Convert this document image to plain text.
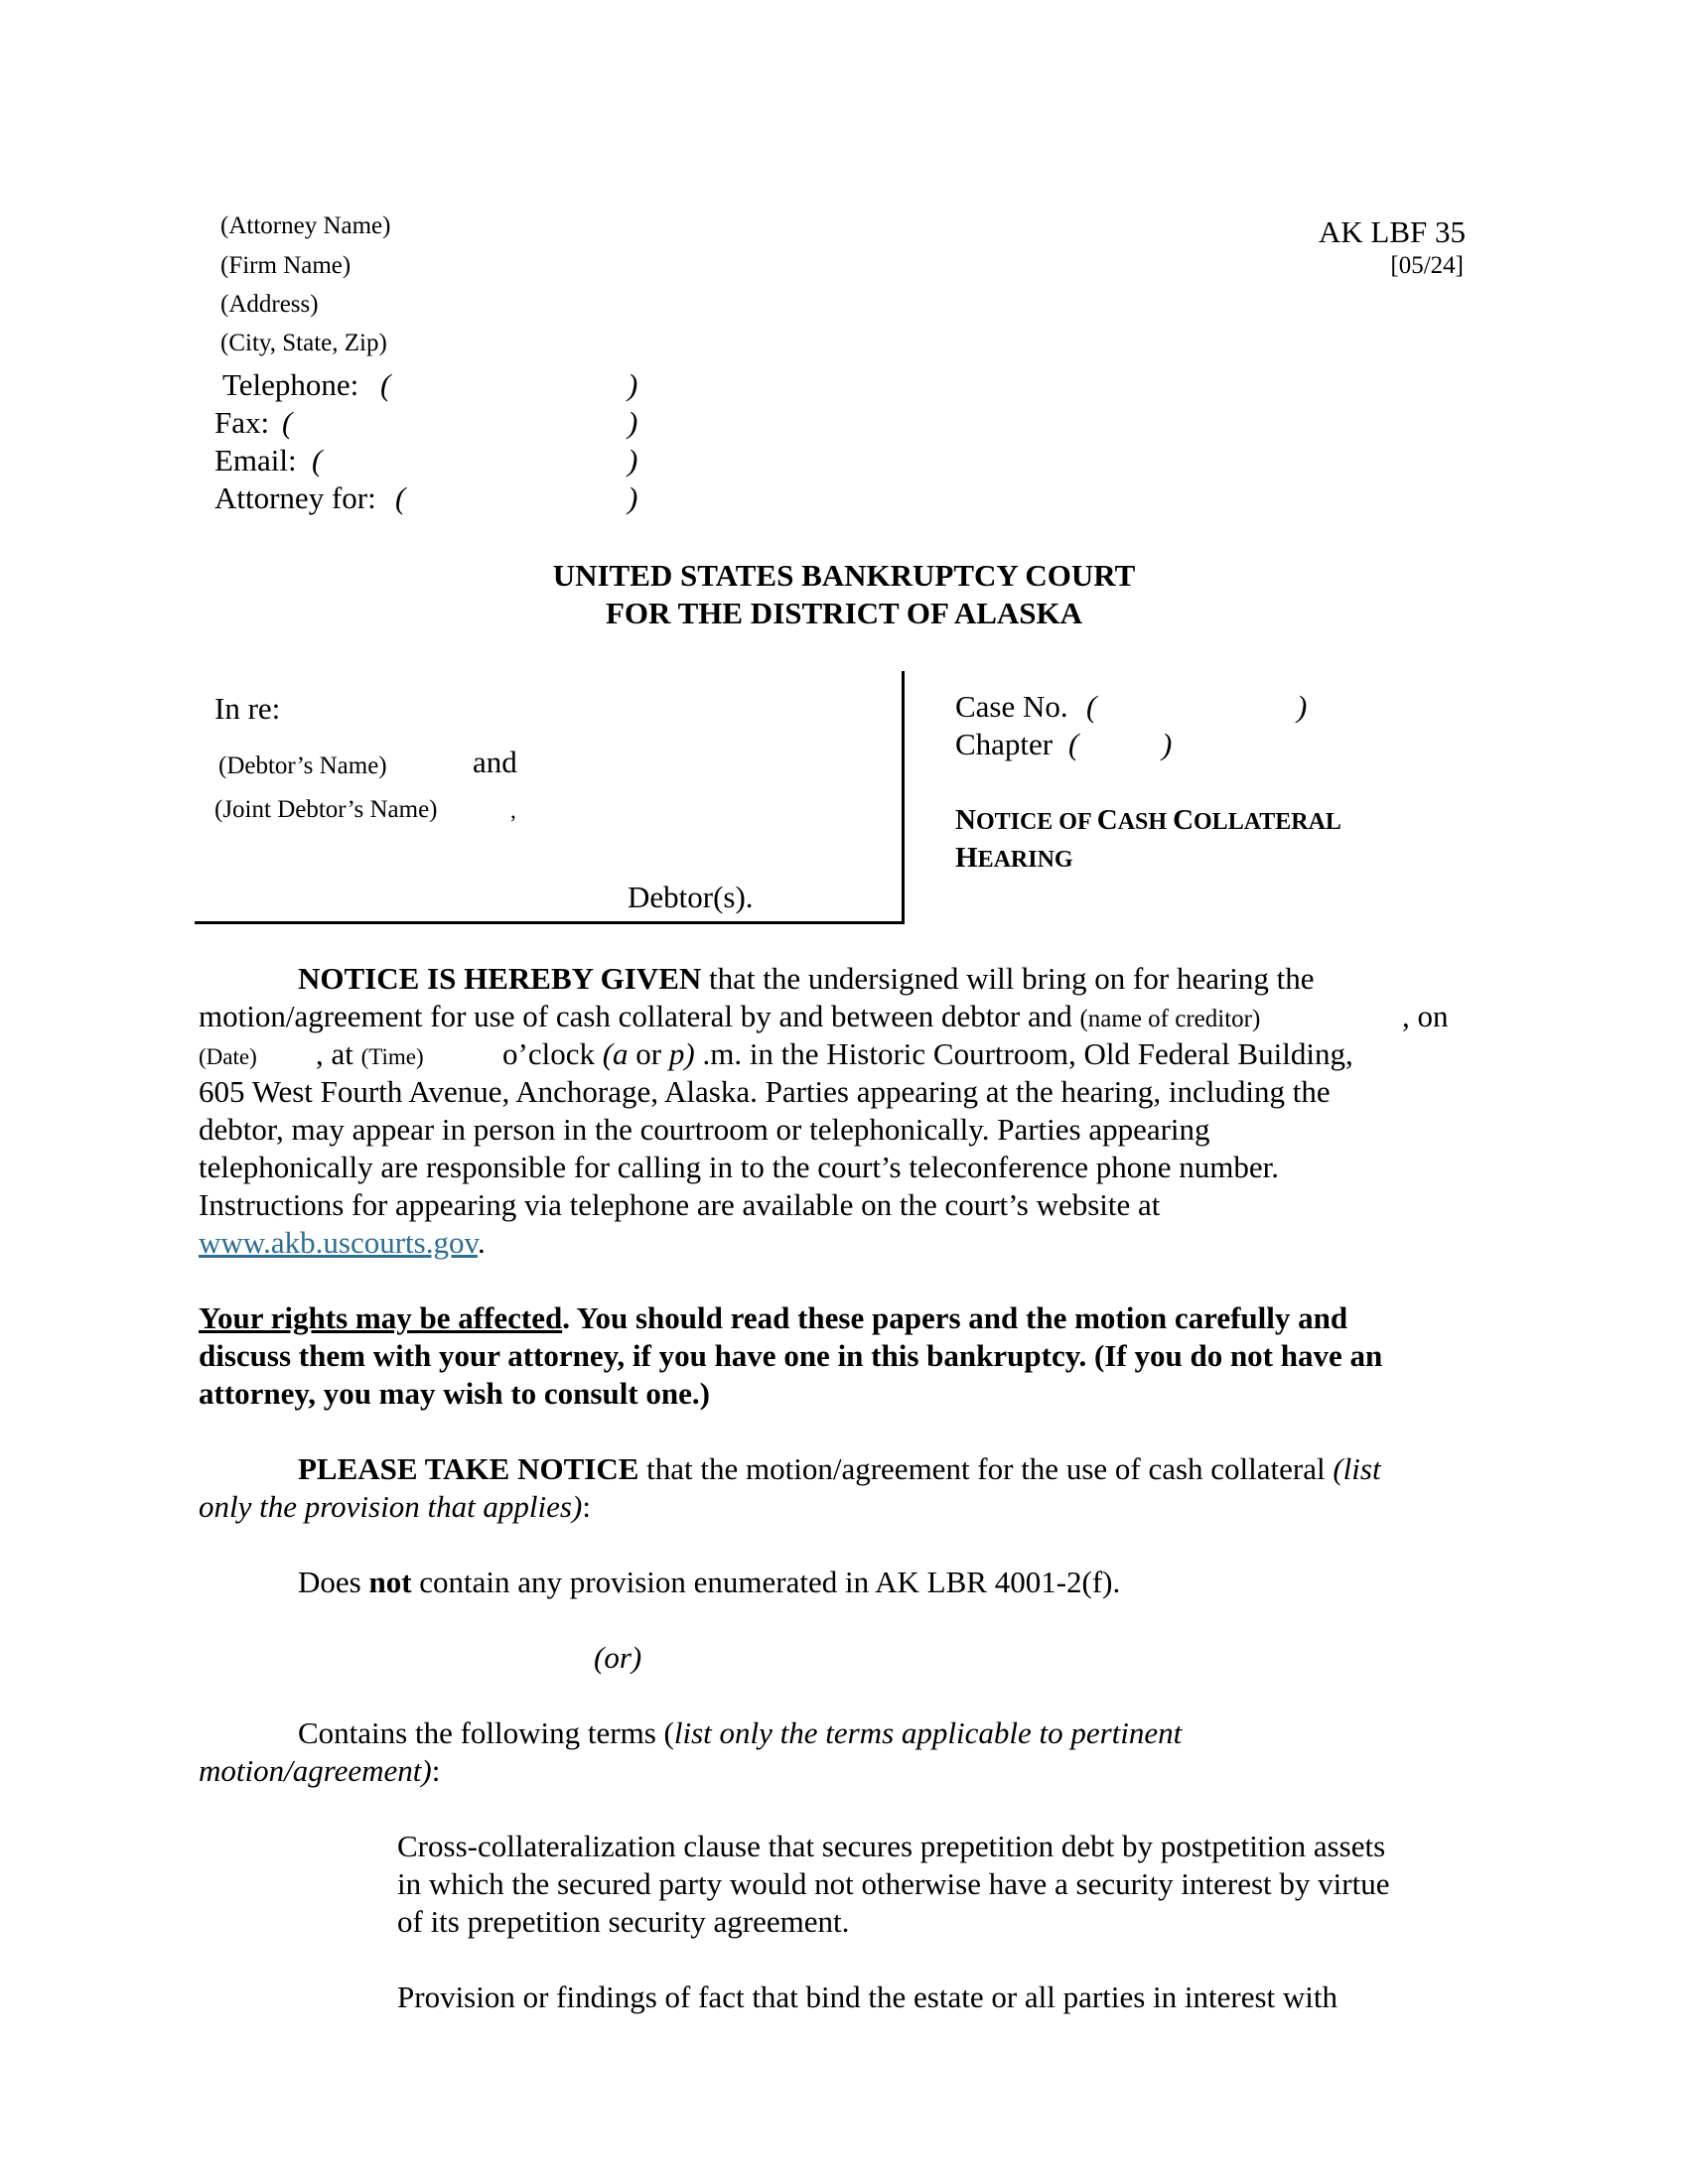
(Attorney Name)
(Firm Name)
(Address)
(City, State, Zip)
Telephone: (	)
Fax: (	)
Email: (	)
Attorney for: (	)
AK LBF 35
[05/24]
UNITED STATES BANKRUPTCY COURT
FOR THE DISTRICT OF ALASKA
In re:
(Debtor’s Name)	and
(Joint Debtor’s Name)	,
Debtor(s).
Case No. (	)
Chapter (	)
NOTICE OF CASH COLLATERAL
HEARING
NOTICE IS HEREBY GIVEN that the undersigned will bring on for hearing the
motion/agreement for use of cash collateral by and between debtor and (name of creditor)	, on
(Date) , at (Time)	o’clock (a or p) .m. in the Historic Courtroom, Old Federal Building,
605 West Fourth Avenue, Anchorage, Alaska. Parties appearing at the hearing, including the
debtor, may appear in person in the courtroom or telephonically. Parties appearing
telephonically are responsible for calling in to the court’s teleconference phone number.
Instructions for appearing via telephone are available on the court’s website at
www.akb.uscourts.gov.
Your rights may be affected. You should read these papers and the motion carefully and
discuss them with your attorney, if you have one in this bankruptcy. (If you do not have an
attorney, you may wish to consult one.)
PLEASE TAKE NOTICE that the motion/agreement for the use of cash collateral (list
only the provision that applies):
Does not contain any provision enumerated in AK LBR 4001-2(f).
(or)
Contains the following terms (list only the terms applicable to pertinent
motion/agreement):
Cross-collateralization clause that secures prepetition debt by postpetition assets
in which the secured party would not otherwise have a security interest by virtue
of its prepetition security agreement.
Provision or findings of fact that bind the estate or all parties in interest with
